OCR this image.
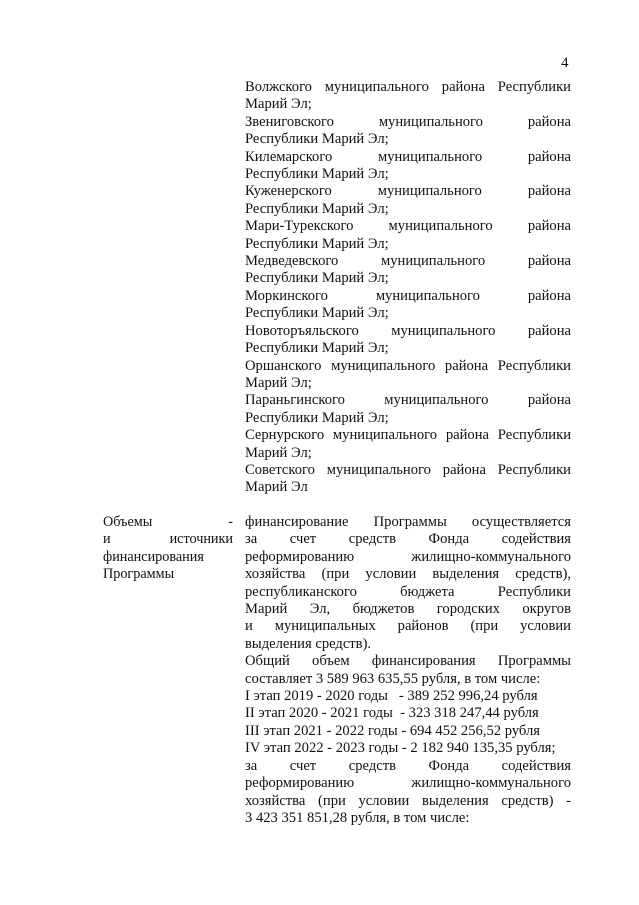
4

Волжского муниципального района Республики

Марий Эл;

Звениговского муниципального района

Республики Марий Эл;

Килемарского муниципального района

Республики Марий Эл;

Куженерского муниципального района

Республики Марий Эл;

Мари-Турекского муниципального района

Республики Марий Эл;

Медведевского муниципального района

Республики Марий Эл;

Моркинского муниципального района

Республики Марий Эл;

Новоторъяльского муниципального района

Республики Марий Эл;

Оршанского муниципального района Республики

Марий Эл;

Параньгинского муниципального района

Республики Марий Эл;

Сернурского муниципального района Республики

Марий Эл;

Советского муниципального района Республики

Марий Эл

Объемы	-
и	источники
финансирования
Программы

финансирование Программы осуществляется

за счет средств Фонда содействия

реформированию жилищно-коммунального

хозяйства (при условии выделения средств),

республиканского бюджета Республики

Марий Эл, бюджетов городских округов

и муниципальных районов (при условии

выделения средств).

Общий объем финансирования Программы

составляет 3 589 963 635,55 рубля, в том числе:

I этап 2019 - 2020 годы   - 389 252 996,24 рубля

II этап 2020 - 2021 годы  - 323 318 247,44 рубля

III этап 2021 - 2022 годы - 694 452 256,52 рубля

IV этап 2022 - 2023 годы - 2 182 940 135,35 рубля;

за счет средств Фонда содействия

реформированию жилищно-коммунального

хозяйства (при условии выделения средств) -

3 423 351 851,28 рубля, в том числе:
